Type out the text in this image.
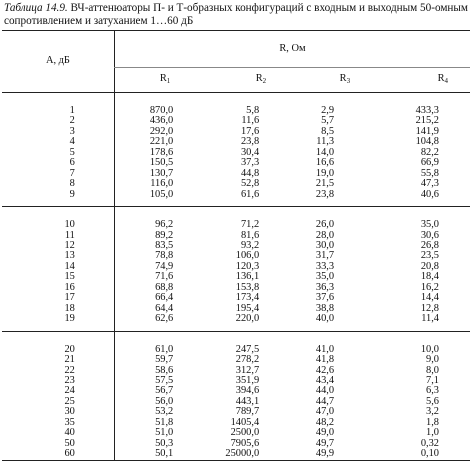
Таблица 14.9. ВЧ-аттенюаторы П- и Т-образных конфигураций с входным и выходным 50-омным сопротивлением и затуханием 1…60 дБ
А, дБ	R, Ом			
	$R_1$	$R_2$	$R_3$	$R_4$
1	870,0	5,8	2,9	433,3
2	436,0	11,6	5,7	215,2
3	292,0	17,6	8,5	141,9
4	221,0	23,8	11,3	104,8
5	178,6	30,4	14,0	82,2
6	150,5	37,3	16,6	66,9
7	130,7	44,8	19,0	55,8
8	116,0	52,8	21,5	47,3
9	105,0	61,6	23,8	40,6
10	96,2	71,2	26,0	35,0
11	89,2	81,6	28,0	30,6
12	83,5	93,2	30,0	26,8
13	78,8	106,0	31,7	23,5
14	74,9	120,3	33,3	20,8
15	71,6	136,1	35,0	18,4
16	68,8	153,8	36,3	16,2
17	66,4	173,4	37,6	14,4
18	64,4	195,4	38,8	12,8
19	62,6	220,0	40,0	11,4
20	61,0	247,5	41,0	10,0
21	59,7	278,2	41,8	9,0
22	58,6	312,7	42,6	8,0
23	57,5	351,9	43,4	7,1
24	56,7	394,6	44,0	6,3
25	56,0	443,1	44,7	5,6
30	53,2	789,7	47,0	3,2
35	51,8	1405,4	48,2	1,8
40	51,0	2500,0	49,0	1,0
50	50,3	7905,6	49,7	0,32
60	50,1	25000,0	49,9	0,10
